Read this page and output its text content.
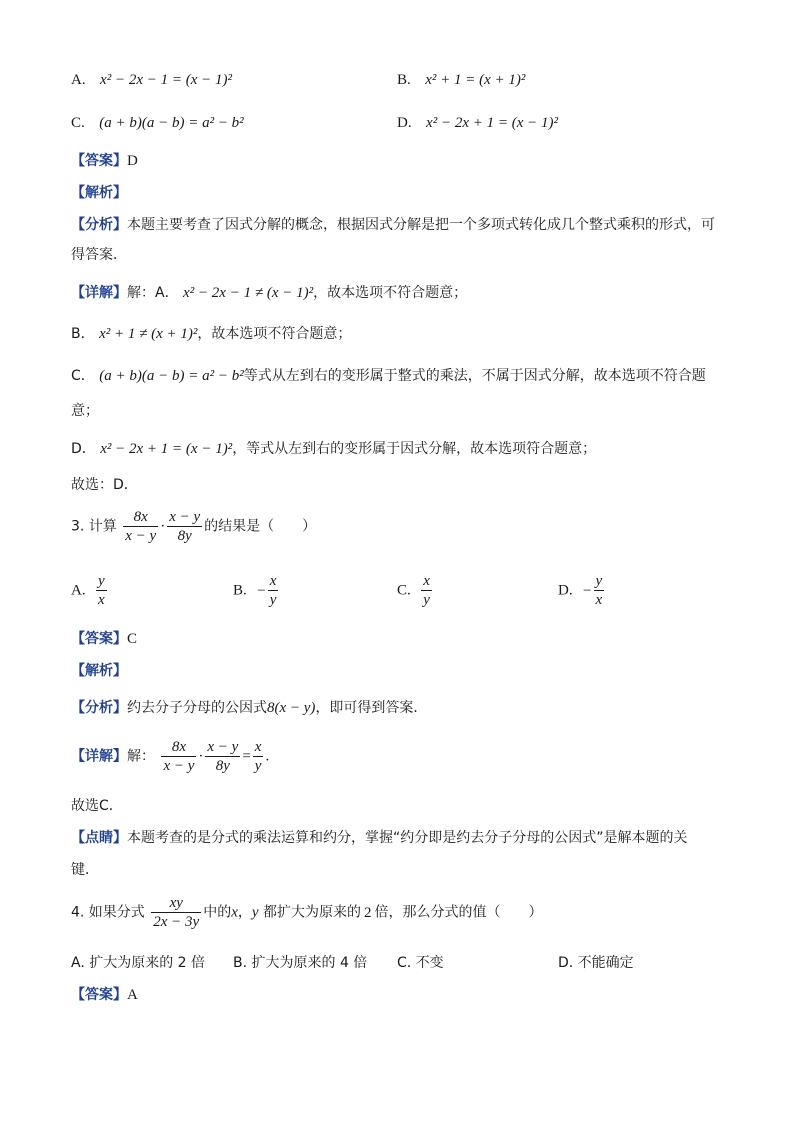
A. x² − 2x − 1 = (x − 1)²	B. x² + 1 = (x + 1)²
C. (a + b)(a − b) = a² − b²	D. x² − 2x + 1 = (x − 1)²
【答案】D
【解析】
【分析】本题主要考查了因式分解的概念，根据因式分解是把一个多项式转化成几个整式乘积的形式，可
得答案．
【详解】解：A． x² − 2x − 1 ≠ (x − 1)²，故本选项不符合题意；
B． x² + 1 ≠ (x + 1)²，故本选项不符合题意；
C． (a + b)(a − b) = a² − b²等式从左到右的变形属于整式的乘法，不属于因式分解，故本选项不符合题
意；
D． x² − 2x + 1 = (x − 1)²，等式从左到右的变形属于因式分解，故本选项符合题意；
故选：D．
3. 计算 $\frac{8x}{x - y} \cdot \frac{x - y}{8y}$ 的结果是（　　）
A. $\frac{y}{x}$	B. − $\frac{x}{y}$	C. $\frac{x}{y}$	D. − $\frac{y}{x}$
【答案】C
【解析】
【分析】约去分子分母的公因式8(x − y)，即可得到答案．
【详解】解： $\frac{8x}{x - y} \cdot \frac{x - y}{8y} = \frac{x}{y}$ .
故选C．
【点睛】本题考查的是分式的乘法运算和约分，掌握“约分即是约去分子分母的公因式”是解本题的关
键．
4. 如果分式 $\frac{xy}{2x - 3y}$ 中的x，y 都扩大为原来的 2 倍，那么分式的值（　　）
A. 扩大为原来的 2 倍 B. 扩大为原来的 4 倍 C. 不变	D. 不能确定
【答案】A
